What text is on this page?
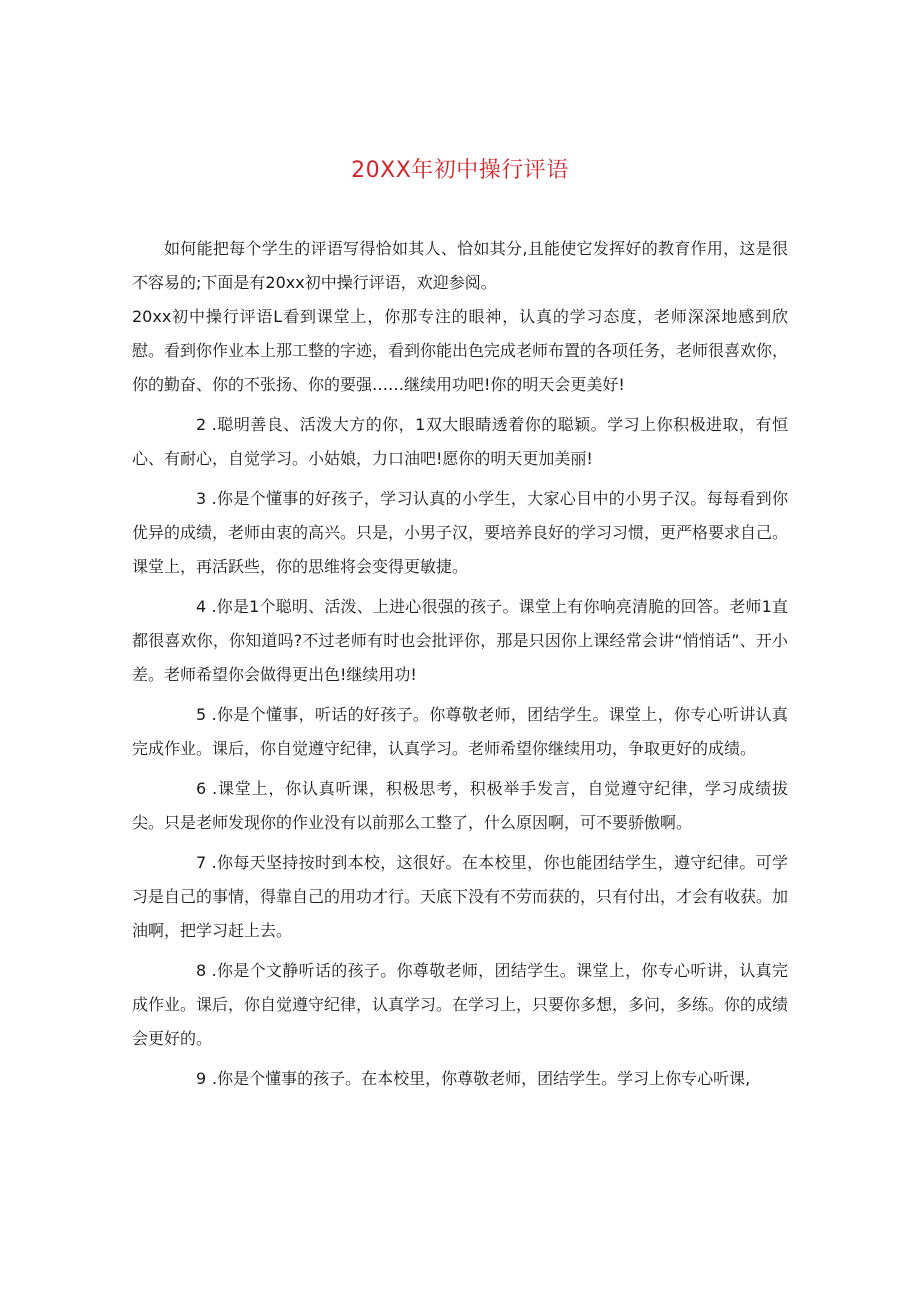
20XX年初中操行评语

如何能把每个学生的评语写得恰如其人、恰如其分,且能使它发挥好的教育作用，这是很不容易的;下面是有20xx初中操行评语，欢迎参阅。

20xx初中操行评语L看到课堂上，你那专注的眼神，认真的学习态度，老师深深地感到欣慰。看到你作业本上那工整的字迹，看到你能出色完成老师布置的各项任务，老师很喜欢你，你的勤奋、你的不张扬、你的要强……继续用功吧!你的明天会更美好!

2 .聪明善良、活泼大方的你，1双大眼睛透着你的聪颖。学习上你积极进取，有恒心、有耐心，自觉学习。小姑娘，力口油吧!愿你的明天更加美丽!

3 .你是个懂事的好孩子，学习认真的小学生，大家心目中的小男子汉。每每看到你优异的成绩，老师由衷的高兴。只是，小男子汉，要培养良好的学习习惯，更严格要求自己。课堂上，再活跃些，你的思维将会变得更敏捷。

4 .你是1个聪明、活泼、上进心很强的孩子。课堂上有你响亮清脆的回答。老师1直都很喜欢你，你知道吗?不过老师有时也会批评你，那是只因你上课经常会讲“悄悄话”、开小差。老师希望你会做得更出色!继续用功!

5 .你是个懂事，听话的好孩子。你尊敬老师，团结学生。课堂上，你专心听讲认真完成作业。课后，你自觉遵守纪律，认真学习。老师希望你继续用功，争取更好的成绩。

6 .课堂上，你认真听课，积极思考，积极举手发言，自觉遵守纪律，学习成绩拔尖。只是老师发现你的作业没有以前那么工整了，什么原因啊，可不要骄傲啊。

7 .你每天坚持按时到本校，这很好。在本校里，你也能团结学生，遵守纪律。可学习是自己的事情，得靠自己的用功才行。天底下没有不劳而获的，只有付出，才会有收获。加油啊，把学习赶上去。

8 .你是个文静听话的孩子。你尊敬老师，团结学生。课堂上，你专心听讲，认真完成作业。课后，你自觉遵守纪律，认真学习。在学习上，只要你多想，多问，多练。你的成绩会更好的。

9 .你是个懂事的孩子。在本校里，你尊敬老师，团结学生。学习上你专心听课,
